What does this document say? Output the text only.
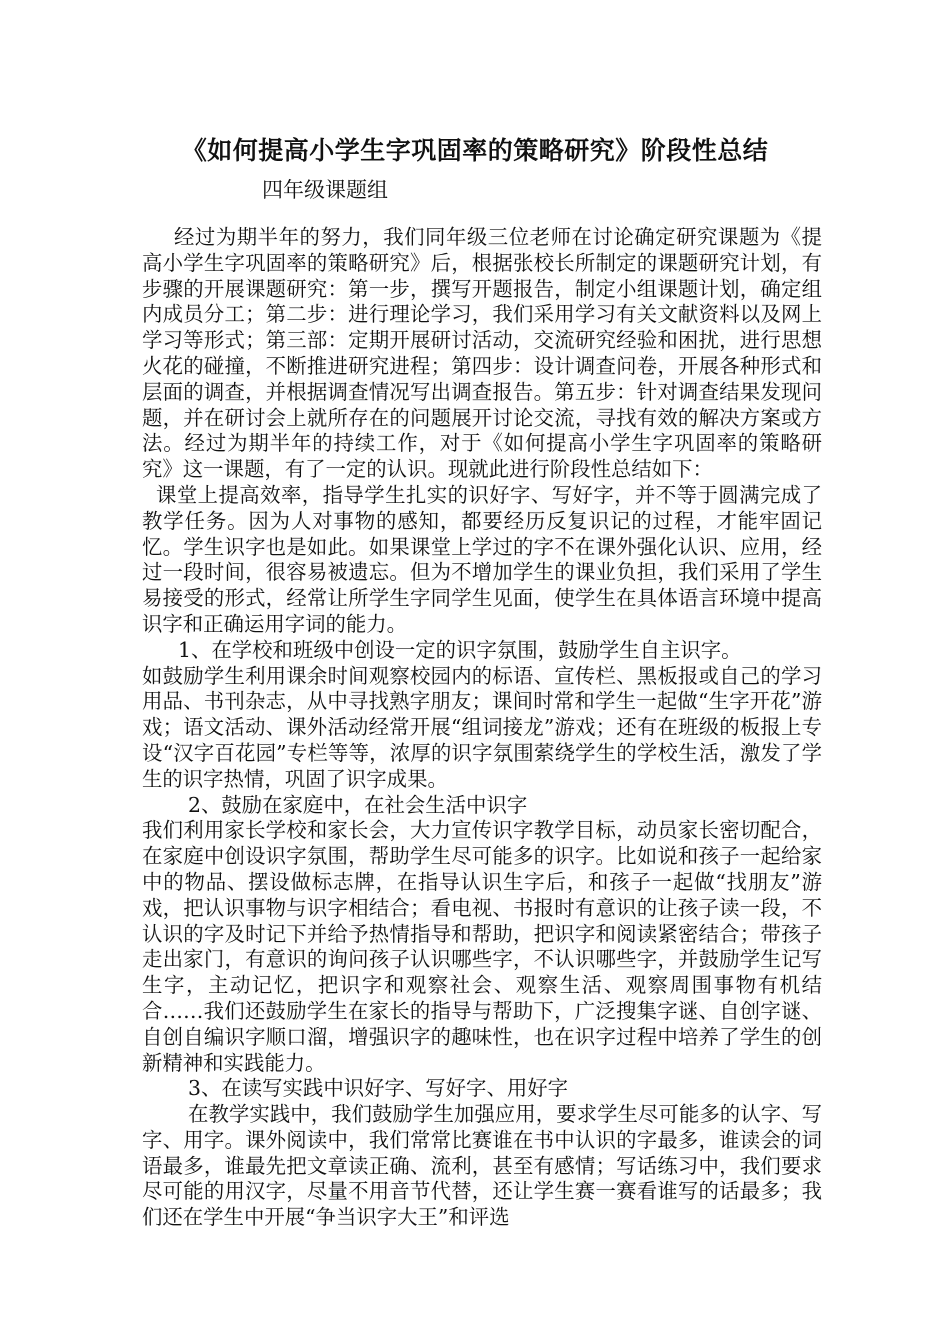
《如何提高小学生字巩固率的策略研究》阶段性总结
四年级课题组

经过为期半年的努力，我们同年级三位老师在讨论确定研究课题为《提高小学生字巩固率的策略研究》后，根据张校长所制定的课题研究计划，有步骤的开展课题研究：第一步，撰写开题报告，制定小组课题计划，确定组内成员分工；第二步：进行理论学习，我们采用学习有关文献资料以及网上学习等形式；第三部：定期开展研讨活动，交流研究经验和困扰，进行思想火花的碰撞，不断推进研究进程；第四步：设计调查问卷，开展各种形式和层面的调查，并根据调查情况写出调查报告。第五步：针对调查结果发现问题，并在研讨会上就所存在的问题展开讨论交流，寻找有效的解决方案或方法。经过为期半年的持续工作，对于《如何提高小学生字巩固率的策略研究》这一课题，有了一定的认识。现就此进行阶段性总结如下：

课堂上提高效率，指导学生扎实的识好字、写好字，并不等于圆满完成了教学任务。因为人对事物的感知，都要经历反复识记的过程，才能牢固记忆。学生识字也是如此。如果课堂上学过的字不在课外强化认识、应用，经过一段时间，很容易被遗忘。但为不增加学生的课业负担，我们采用了学生易接受的形式，经常让所学生字同学生见面，使学生在具体语言环境中提高识字和正确运用字词的能力。

1、在学校和班级中创设一定的识字氛围，鼓励学生自主识字。

如鼓励学生利用课余时间观察校园内的标语、宣传栏、黑板报或自己的学习用品、书刊杂志，从中寻找熟字朋友；课间时常和学生一起做“生字开花”游戏；语文活动、课外活动经常开展“组词接龙”游戏；还有在班级的板报上专设“汉字百花园”专栏等等，浓厚的识字氛围萦绕学生的学校生活，激发了学生的识字热情，巩固了识字成果。

2、鼓励在家庭中，在社会生活中识字

我们利用家长学校和家长会，大力宣传识字教学目标，动员家长密切配合，在家庭中创设识字氛围，帮助学生尽可能多的识字。比如说和孩子一起给家中的物品、摆设做标志牌，在指导认识生字后，和孩子一起做“找朋友”游戏，把认识事物与识字相结合；看电视、书报时有意识的让孩子读一段，不认识的字及时记下并给予热情指导和帮助，把识字和阅读紧密结合；带孩子走出家门，有意识的询问孩子认识哪些字，不认识哪些字，并鼓励学生记写生字，主动记忆，把识字和观察社会、观察生活、观察周围事物有机结合……我们还鼓励学生在家长的指导与帮助下，广泛搜集字谜、自创字谜、自创自编识字顺口溜，增强识字的趣味性，也在识字过程中培养了学生的创新精神和实践能力。

3、在读写实践中识好字、写好字、用好字

在教学实践中，我们鼓励学生加强应用，要求学生尽可能多的认字、写字、用字。课外阅读中，我们常常比赛谁在书中认识的字最多，谁读会的词语最多，谁最先把文章读正确、流利，甚至有感情；写话练习中，我们要求尽可能的用汉字，尽量不用音节代替，还让学生赛一赛看谁写的话最多；我们还在学生中开展“争当识字大王”和评选
